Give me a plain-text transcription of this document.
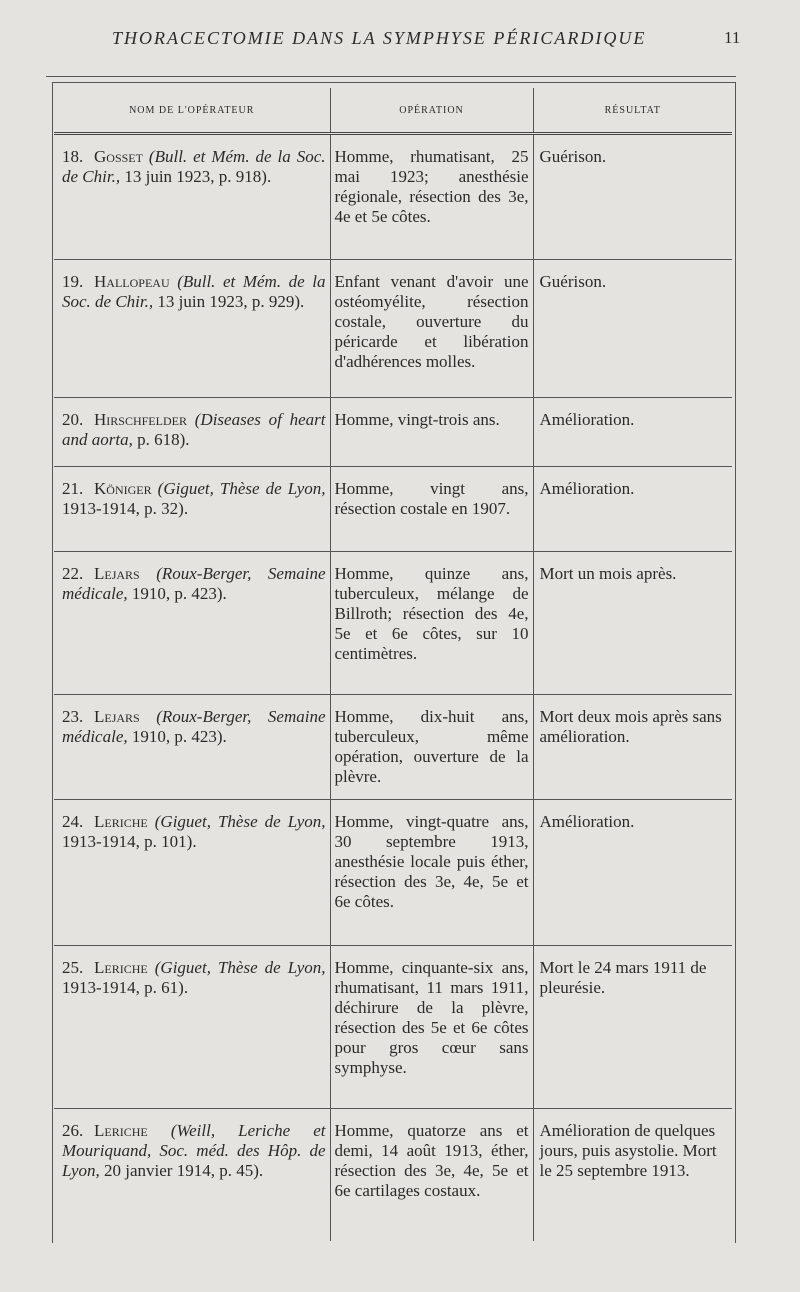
THORACECTOMIE DANS LA SYMPHYSE PÉRICARDIQUE	11
NOM DE L'OPÉRATEUR	OPÉRATION	RÉSULTAT
18. Gosset (Bull. et Mém. de la Soc. de Chir., 13 juin 1923, p. 918).	Homme, rhumatisant, 25 mai 1923; anesthésie régionale, résection des 3e, 4e et 5e côtes.	Guérison.
19. Hallopeau (Bull. et Mém. de la Soc. de Chir., 13 juin 1923, p. 929).	Enfant venant d'avoir une ostéomyélite, résection costale, ouverture du péricarde et libération d'adhérences molles.	Guérison.
20. Hirschfelder (Diseases of heart and aorta, p. 618).	Homme, vingt-trois ans.	Amélioration.
21. Königer (Giguet, Thèse de Lyon, 1913-1914, p. 32).	Homme, vingt ans, résection costale en 1907.	Amélioration.
22. Lejars (Roux-Berger, Semaine médicale, 1910, p. 423).	Homme, quinze ans, tuberculeux, mélange de Billroth; résection des 4e, 5e et 6e côtes, sur 10 centimètres.	Mort un mois après.
23. Lejars (Roux-Berger, Semaine médicale, 1910, p. 423).	Homme, dix-huit ans, tuberculeux, même opération, ouverture de la plèvre.	Mort deux mois après sans amélioration.
24. Leriche (Giguet, Thèse de Lyon, 1913-1914, p. 101).	Homme, vingt-quatre ans, 30 septembre 1913, anesthésie locale puis éther, résection des 3e, 4e, 5e et 6e côtes.	Amélioration.
25. Leriche (Giguet, Thèse de Lyon, 1913-1914, p. 61).	Homme, cinquante-six ans, rhumatisant, 11 mars 1911, déchirure de la plèvre, résection des 5e et 6e côtes pour gros cœur sans symphyse.	Mort le 24 mars 1911 de pleurésie.
26. Leriche (Weill, Leriche et Mouriquand, Soc. méd. des Hôp. de Lyon, 20 janvier 1914, p. 45).	Homme, quatorze ans et demi, 14 août 1913, éther, résection des 3e, 4e, 5e et 6e cartilages costaux.	Amélioration de quelques jours, puis asystolie. Mort le 25 septembre 1913.
